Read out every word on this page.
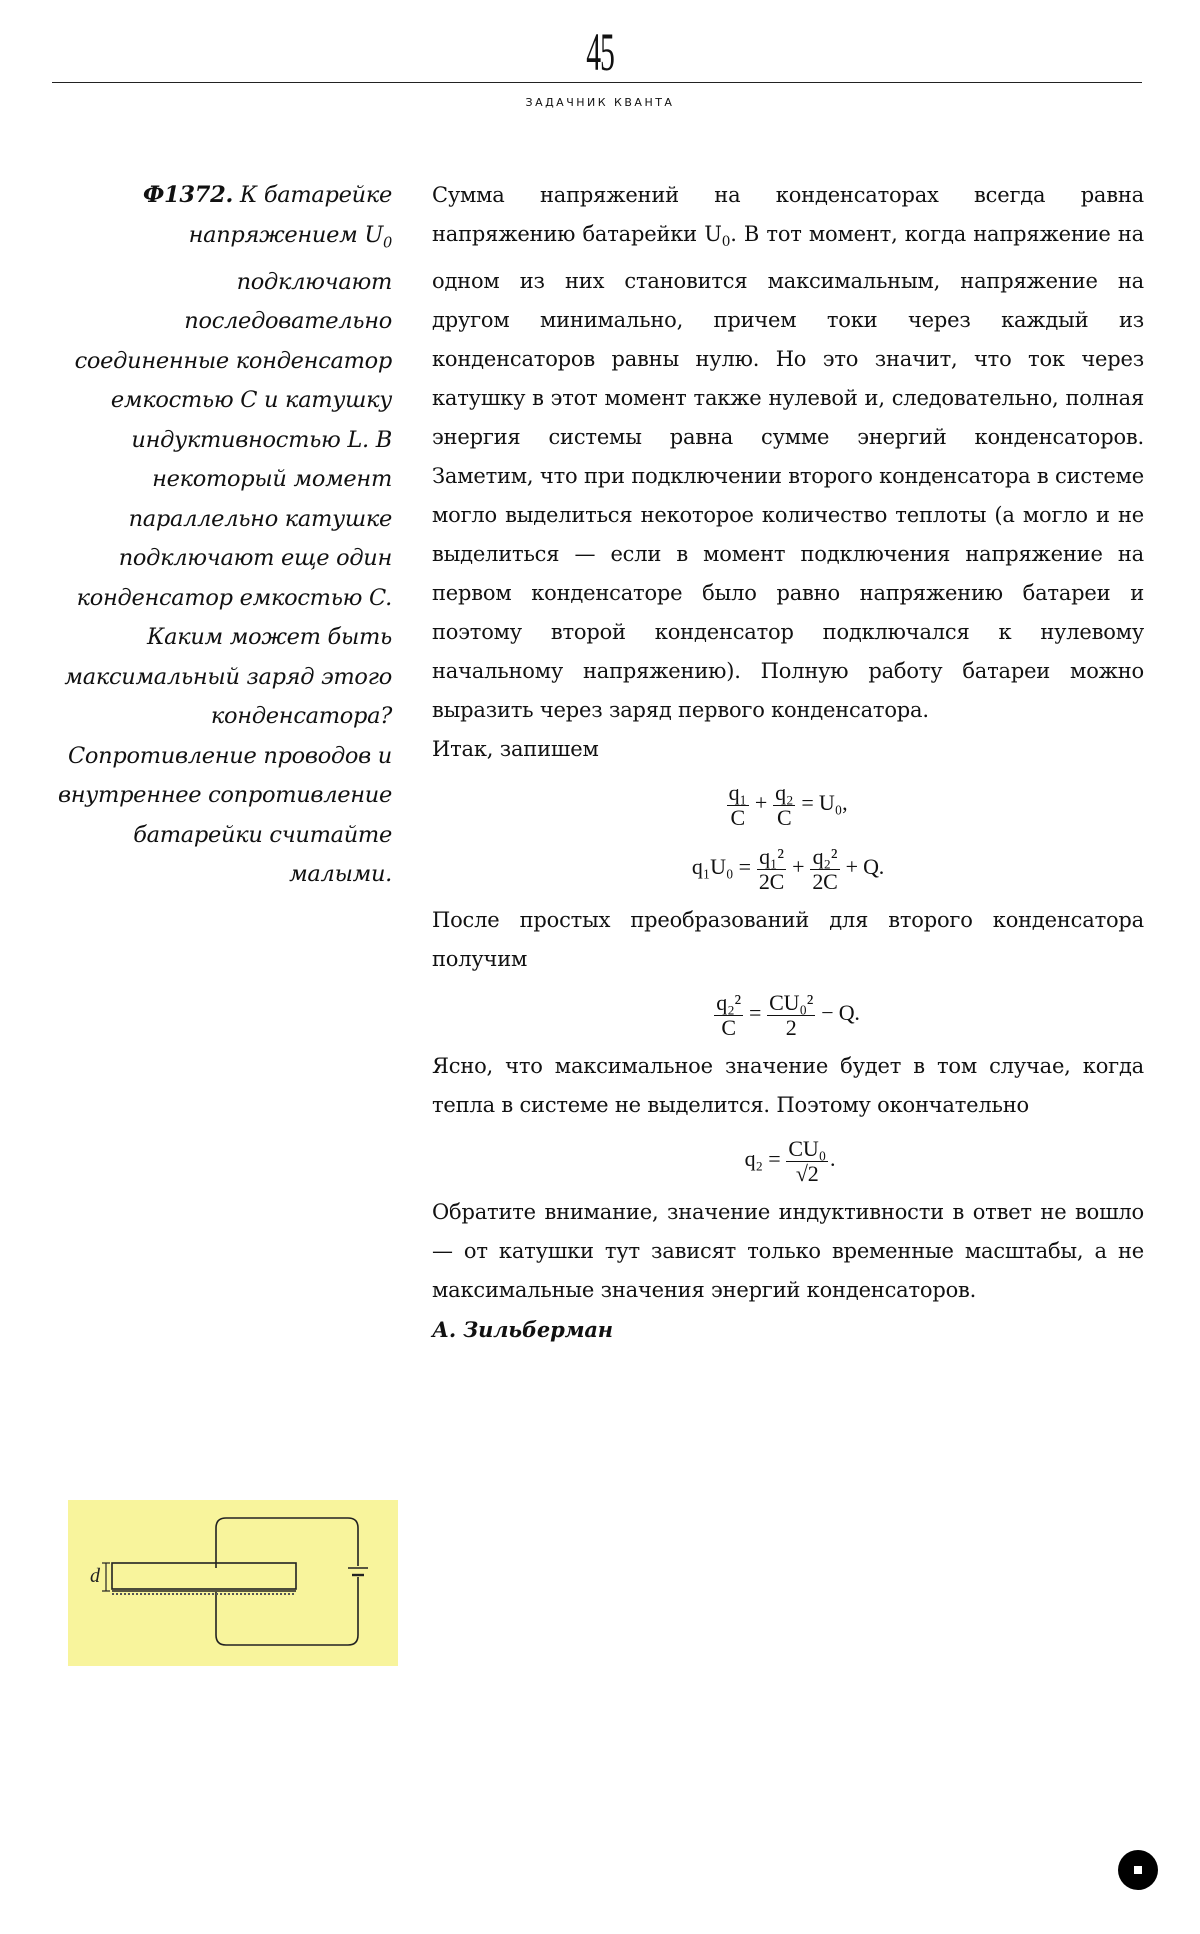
45
ЗАДАЧНИК КВАНТА
Ф1372. К батарейке напряжением $U_0$ подключают последовательно соединенные конденсатор емкостью C и катушку индуктивностью L. В некоторый момент параллельно катушке подключают еще один конденсатор емкостью C. Каким может быть максимальный заряд этого конденсатора? Сопротивление проводов и внутреннее сопротивление батарейки считайте малыми.

Сумма напряжений на конденсаторах всегда равна напряжению батарейки $U_0$. В тот момент, когда напряжение на одном из них становится максимальным, напряжение на другом минимально, причем токи через каждый из конденсаторов равны нулю. Но это значит, что ток через катушку в этот момент также нулевой и, следовательно, полная энергия системы равна сумме энергий конденсаторов. Заметим, что при подключении второго конденсатора в системе могло выделиться некоторое количество теплоты (а могло и не выделиться — если в момент подключения напряжение на первом конденсаторе было равно напряжению батареи и поэтому второй конденсатор подключался к нулевому начальному напряжению). Полную работу батареи можно выразить через заряд первого конденсатора.

Итак, запишем

$\frac{\text{q₁}}{C} + \frac{\text{q₂}}{C} = U_0$,
$q_1U_0 = \frac{\text{q₁²}}{2C} + \frac{\text{q₂²}}{2C} + Q$.

После простых преобразований для второго конденсатора получим

$\frac{\text{q₂²}}{C} = \frac{\text{CU₀²}}{2} - Q$.

Ясно, что максимальное значение будет в том случае, когда тепла в системе не выделится. Поэтому окончательно

$q_2 = \frac{\text{CU₀}}{√2}$ .

Обратите внимание, значение индуктивности в ответ не вошло — от катушки тут зависят только временные масштабы, а не максимальные значения энергий конденсаторов.

А. Зильберман

d
